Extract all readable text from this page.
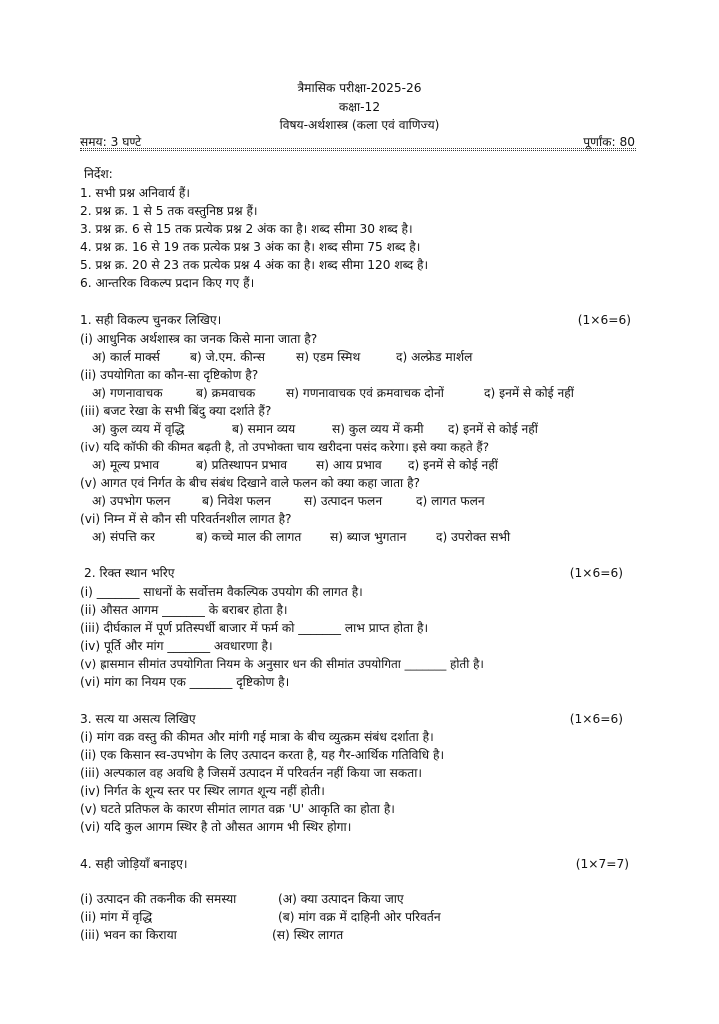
त्रैमासिक परीक्षा-2025-26
कक्षा-12
विषय-अर्थशास्त्र (कला एवं वाणिज्य)
समय: 3 घण्टे	पूर्णांक: 80
निर्देश:
1. सभी प्रश्न अनिवार्य हैं।
2. प्रश्न क्र. 1 से 5 तक वस्तुनिष्ठ प्रश्न हैं।
3. प्रश्न क्र. 6 से 15 तक प्रत्येक प्रश्न 2 अंक का है। शब्द सीमा 30 शब्द है।
4. प्रश्न क्र. 16 से 19 तक प्रत्येक प्रश्न 3 अंक का है। शब्द सीमा 75 शब्द है।
5. प्रश्न क्र. 20 से 23 तक प्रत्येक प्रश्न 4 अंक का है। शब्द सीमा 120 शब्द है।
6. आन्तरिक विकल्प प्रदान किए गए हैं।
1. सही विकल्प चुनकर लिखिए।	(1×6=6)
(i) आधुनिक अर्थशास्त्र का जनक किसे माना जाता है?
अ) कार्ल मार्क्स ब) जे.एम. कीन्स	स) एडम स्मिथ	द) अल्फ्रेड मार्शल
(ii) उपयोगिता का कौन-सा दृष्टिकोण है?
अ) गणनावाचक	ब) क्रमवाचक	स) गणनावाचक एवं क्रमवाचक दोनों	द) इनमें से कोई नहीं
(iii) बजट रेखा के सभी बिंदु क्या दर्शाते हैं?
अ) कुल व्यय में वृद्धि	ब) समान व्यय	स) कुल व्यय में कमी द) इनमें से कोई नहीं
(iv) यदि कॉफी की कीमत बढ़ती है, तो उपभोक्ता चाय खरीदना पसंद करेगा। इसे क्या कहते हैं?
अ) मूल्य प्रभाव	ब) प्रतिस्थापन प्रभाव स) आय प्रभाव द) इनमें से कोई नहीं
(v) आगत एवं निर्गत के बीच संबंध दिखाने वाले फलन को क्या कहा जाता है?
अ) उपभोग फलन	ब) निवेश फलन	स) उत्पादन फलन	द) लागत फलन
(vi) निम्न में से कौन सी परिवर्तनशील लागत है?
अ) संपत्ति कर	ब) कच्चे माल की लागत स) ब्याज भुगतान द) उपरोक्त सभी
2. रिक्त स्थान भरिए	(1×6=6)
(i) _______ साधनों के सर्वोत्तम वैकल्पिक उपयोग की लागत है।
(ii) औसत आगम _______ के बराबर होता है।
(iii) दीर्घकाल में पूर्ण प्रतिस्पर्धी बाजार में फर्म को _______ लाभ प्राप्त होता है।
(iv) पूर्ति और मांग _______ अवधारणा है।
(v) ह्रासमान सीमांत उपयोगिता नियम के अनुसार धन की सीमांत उपयोगिता _______ होती है।
(vi) मांग का नियम एक _______ दृष्टिकोण है।
3. सत्य या असत्य लिखिए	(1×6=6)
(i) मांग वक्र वस्तु की कीमत और मांगी गई मात्रा के बीच व्युत्क्रम संबंध दर्शाता है।
(ii) एक किसान स्व-उपभोग के लिए उत्पादन करता है, यह गैर-आर्थिक गतिविधि है।
(iii) अल्पकाल वह अवधि है जिसमें उत्पादन में परिवर्तन नहीं किया जा सकता।
(iv) निर्गत के शून्य स्तर पर स्थिर लागत शून्य नहीं होती।
(v) घटते प्रतिफल के कारण सीमांत लागत वक्र 'U' आकृति का होता है।
(vi) यदि कुल आगम स्थिर है तो औसत आगम भी स्थिर होगा।
4. सही जोड़ियाँ बनाइए।	(1×7=7)
(i) उत्पादन की तकनीक की समस्या	(अ) क्या उत्पादन किया जाए
(ii) मांग में वृद्धि	(ब) मांग वक्र में दाहिनी ओर परिवर्तन
(iii) भवन का किराया	(स) स्थिर लागत
